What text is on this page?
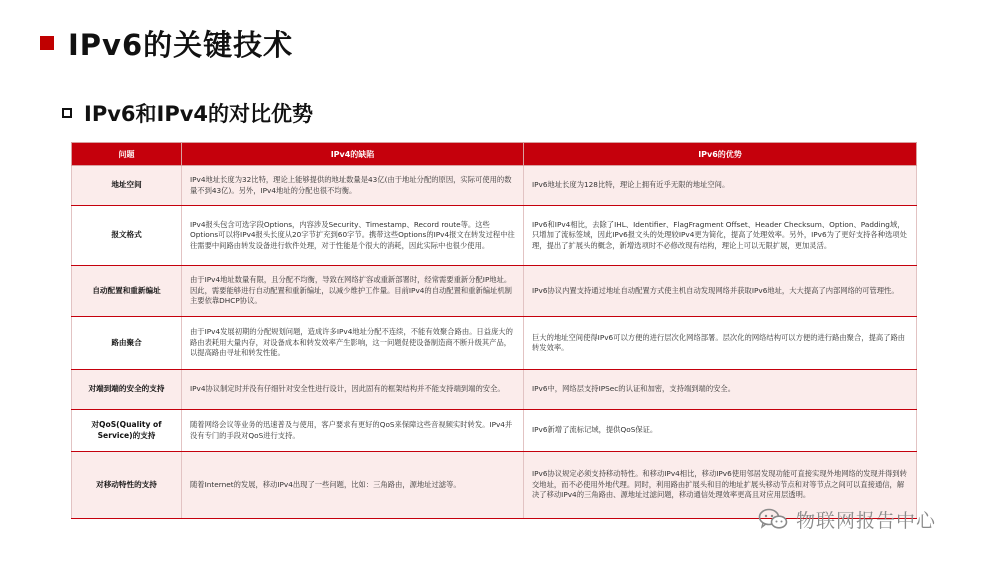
IPv6的关键技术
IPv6和IPv4的对比优势
问题	IPv4的缺陷	IPv6的优势
地址空间	IPv4地址长度为32比特，理论上能够提供的地址数量是43亿(由于地址分配的原因，实际可使用的数量不到43亿)。另外，IPv4地址的分配也很不均衡。	IPv6地址长度为128比特，理论上拥有近乎无限的地址空间。
报文格式	IPv4报头包含可选字段Options，内容涉及Security、Timestamp、Record route等。这些Options可以将IPv4报头长度从20字节扩充到60字节。携带这些Options的IPv4报文在转发过程中往往需要中间路由转发设备进行软件处理，对于性能是个很大的消耗，因此实际中也很少使用。	IPv6和IPv4相比，去除了IHL、Identifier、FlagFragment Offset、Header Checksum、Option、Padding域，只增加了流标签域，因此IPv6报文头的处理较IPv4更为简化，提高了处理效率。另外，IPv6为了更好支持各种选项处理，提出了扩展头的概念，新增选项时不必修改现有结构，理论上可以无限扩展，更加灵活。
自动配置和重新编址	由于IPv4地址数量有限，且分配不均衡，导致在网络扩容或重新部署时，经常需要重新分配IP地址。因此，需要能够进行自动配置和重新编址，以减少维护工作量。目前IPv4的自动配置和重新编址机制主要依靠DHCP协议。	IPv6协议内置支持通过地址自动配置方式使主机自动发现网络并获取IPv6地址，大大提高了内部网络的可管理性。
路由聚合	由于IPv4发展初期的分配规划问题，造成许多IPv4地址分配不连续，不能有效聚合路由。日益庞大的路由表耗用大量内存，对设备成本和转发效率产生影响，这一问题促使设备制造商不断升级其产品，以提高路由寻址和转发性能。	巨大的地址空间使得IPv6可以方便的进行层次化网络部署。层次化的网络结构可以方便的进行路由聚合，提高了路由转发效率。
对端到端的安全的支持	IPv4协议制定时并没有仔细针对安全性进行设计，因此固有的框架结构并不能支持端到端的安全。	IPv6中，网络层支持IPSec的认证和加密，支持端到端的安全。
对QoS(Quality of Service)的支持	随着网络会议等业务的迅速普及与使用，客户要求有更好的QoS来保障这些音视频实时转发。IPv4并没有专门的手段对QoS进行支持。	IPv6新增了流标记域，提供QoS保证。
对移动特性的支持	随着Internet的发展，移动IPv4出现了一些问题，比如：三角路由，源地址过滤等。	IPv6协议规定必须支持移动特性。和移动IPv4相比，移动IPv6使用邻居发现功能可直接实现外地网络的发现并得到转交地址，而不必使用外地代理。同时，利用路由扩展头和目的地址扩展头移动节点和对等节点之间可以直接通信，解决了移动IPv4的三角路由、源地址过滤问题，移动通信处理效率更高且对应用层透明。
物联网报告中心
